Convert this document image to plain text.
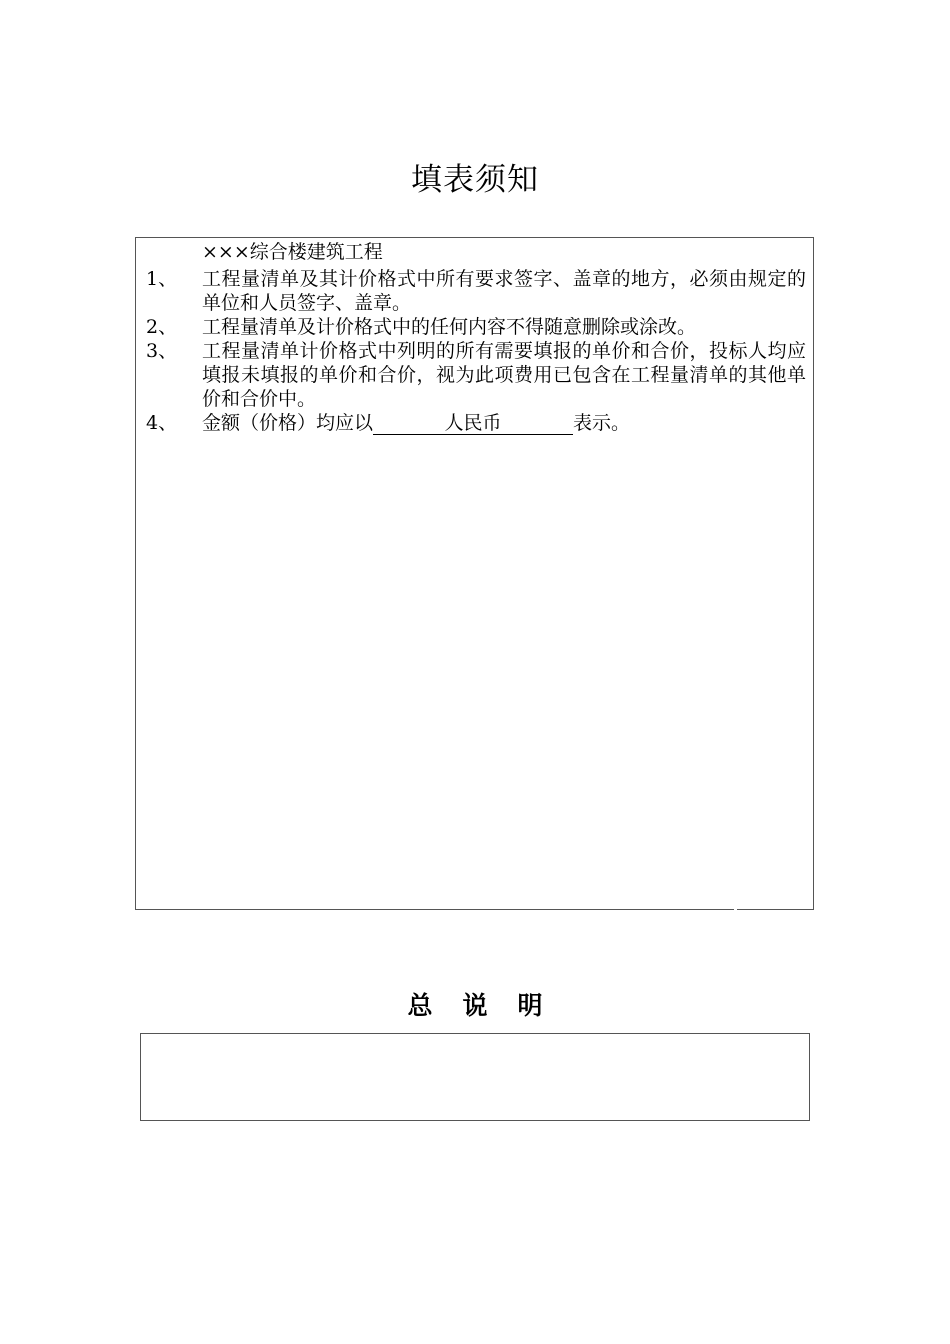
填表须知
×××综合楼建筑工程
1、	工程量清单及其计价格式中所有要求签字、盖章的地方，必须由规定的单位和人员签字、盖章。
2、	工程量清单及计价格式中的任何内容不得随意删除或涂改。
3、	工程量清单计价格式中列明的所有需要填报的单价和合价，投标人均应填报未填报的单价和合价，视为此项费用已包含在工程量清单的其他单价和合价中。
4、	金额（价格）均应以	人民币	表示。
总说明
